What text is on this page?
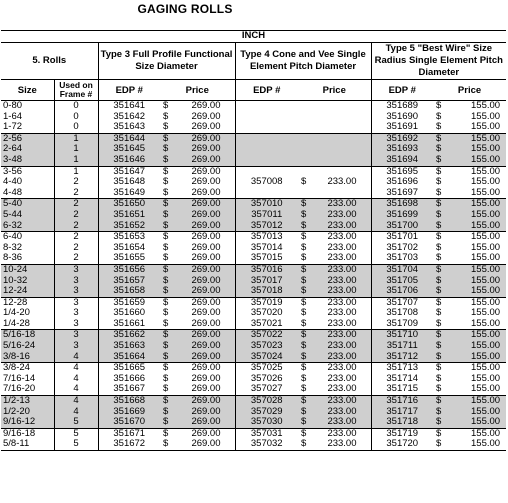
GAGING ROLLS
INCH										
5. Rolls		Type 3 Full Profile Functional Size Diameter			Type 4 Cone and Vee Single Element Pitch Diameter			Type 5 "Best Wire" Size Radius Single Element Pitch Diameter		
Size	Used on Frame #	EDP #	Price		EDP #	Price		EDP #	Price	
0-80	0	351641	$	269.00				351689	$	155.00
1-64	0	351642	$	269.00				351690	$	155.00
1-72	0	351643	$	269.00				351691	$	155.00
2-56	1	351644	$	269.00				351692	$	155.00
2-64	1	351645	$	269.00				351693	$	155.00
3-48	1	351646	$	269.00				351694	$	155.00
3-56	1	351647	$	269.00				351695	$	155.00
4-40	2	351648	$	269.00	357008	$	233.00	351696	$	155.00
4-48	2	351649	$	269.00				351697	$	155.00
5-40	2	351650	$	269.00	357010	$	233.00	351698	$	155.00
5-44	2	351651	$	269.00	357011	$	233.00	351699	$	155.00
6-32	2	351652	$	269.00	357012	$	233.00	351700	$	155.00
6-40	2	351653	$	269.00	357013	$	233.00	351701	$	155.00
8-32	2	351654	$	269.00	357014	$	233.00	351702	$	155.00
8-36	2	351655	$	269.00	357015	$	233.00	351703	$	155.00
10-24	3	351656	$	269.00	357016	$	233.00	351704	$	155.00
10-32	3	351657	$	269.00	357017	$	233.00	351705	$	155.00
12-24	3	351658	$	269.00	357018	$	233.00	351706	$	155.00
12-28	3	351659	$	269.00	357019	$	233.00	351707	$	155.00
1/4-20	3	351660	$	269.00	357020	$	233.00	351708	$	155.00
1/4-28	3	351661	$	269.00	357021	$	233.00	351709	$	155.00
5/16-18	3	351662	$	269.00	357022	$	233.00	351710	$	155.00
5/16-24	3	351663	$	269.00	357023	$	233.00	351711	$	155.00
3/8-16	4	351664	$	269.00	357024	$	233.00	351712	$	155.00
3/8-24	4	351665	$	269.00	357025	$	233.00	351713	$	155.00
7/16-14	4	351666	$	269.00	357026	$	233.00	351714	$	155.00
7/16-20	4	351667	$	269.00	357027	$	233.00	351715	$	155.00
1/2-13	4	351668	$	269.00	357028	$	233.00	351716	$	155.00
1/2-20	4	351669	$	269.00	357029	$	233.00	351717	$	155.00
9/16-12	5	351670	$	269.00	357030	$	233.00	351718	$	155.00
9/16-18	5	351671	$	269.00	357031	$	233.00	351719	$	155.00
5/8-11	5	351672	$	269.00	357032	$	233.00	351720	$	155.00
